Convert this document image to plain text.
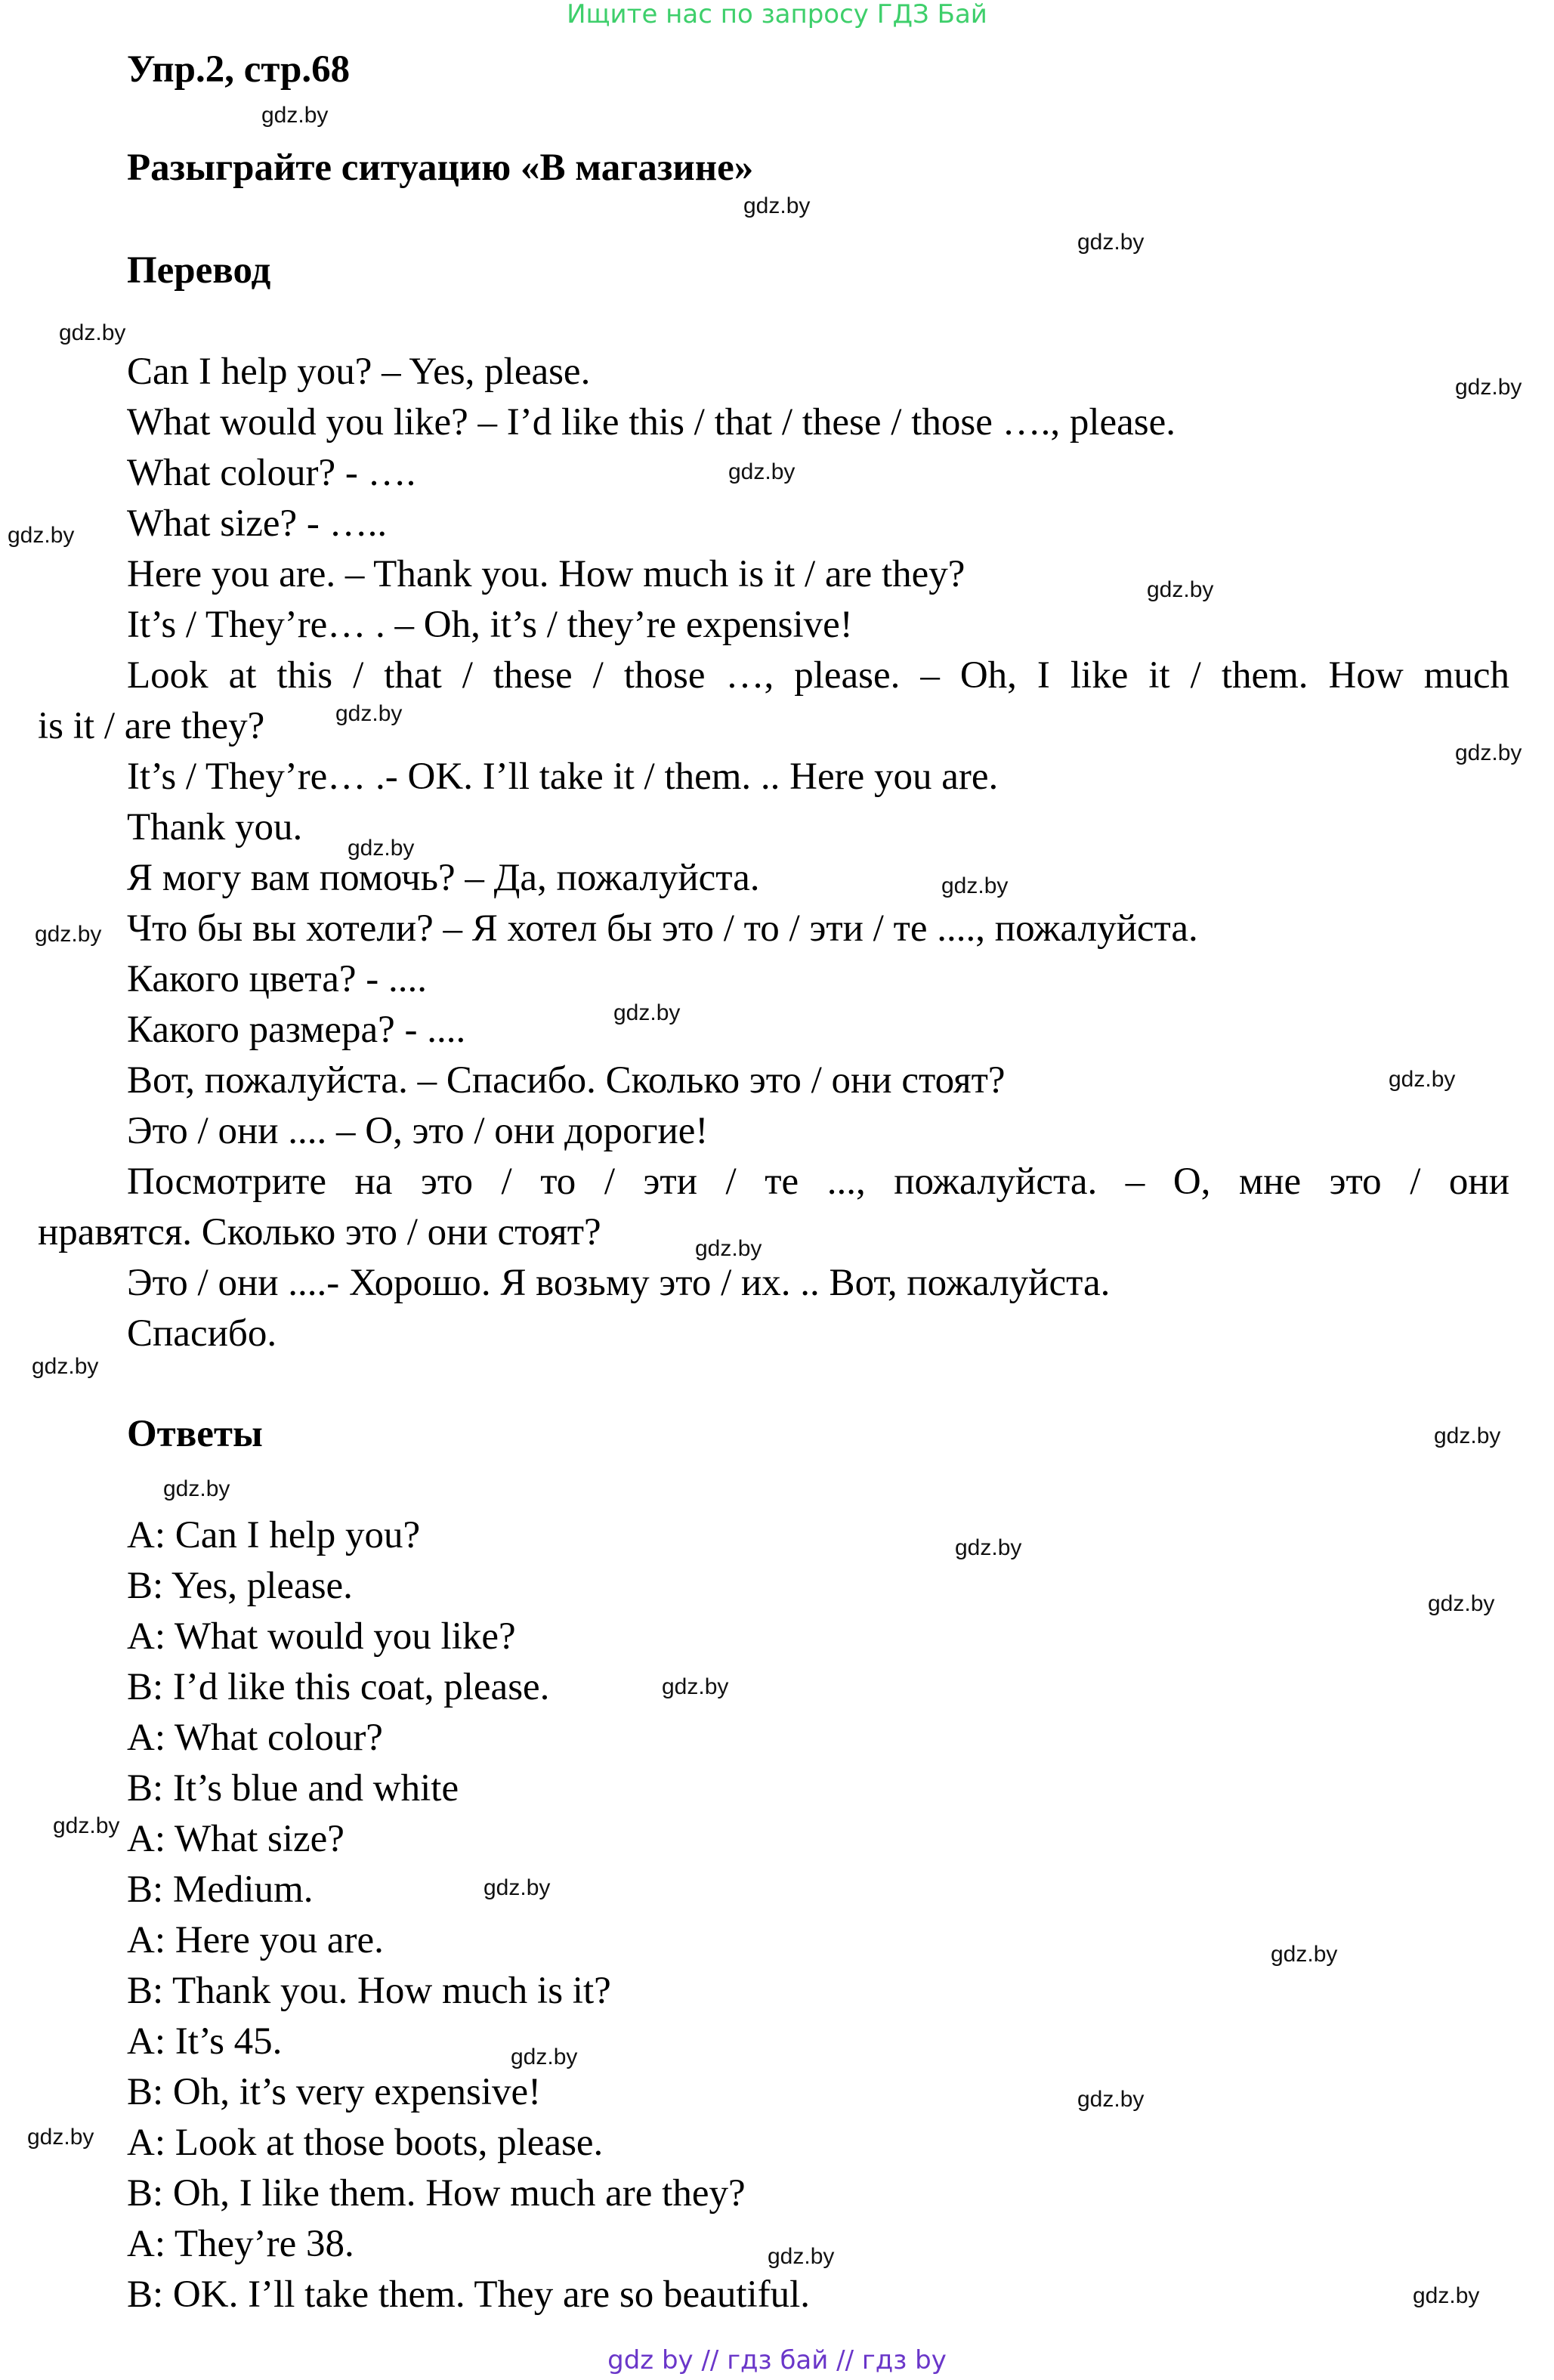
Ищите нас по запросу ГДЗ Бай
Упр.2, стр.68
Разыграйте ситуацию «В магазине»
Перевод
Can I help you? – Yes, please.
What would you like? – I’d like this / that / these / those …., please.
What colour? - ….
What size? - …..
Here you are. – Thank you. How much is it / are they?
It’s / They’re… . – Oh, it’s / they’re expensive!
Look at this / that / these / those …, please. – Oh, I like it / them. How much
is it / are they?
It’s / They’re… .- OK. I’ll take it / them. .. Here you are.
Thank you.
Я могу вам помочь? – Да, пожалуйста.
Что бы вы хотели? – Я хотел бы это / то / эти / те ...., пожалуйста.
Какого цвета? - ....
Какого размера? - ....
Вот, пожалуйста. – Спасибо. Сколько это / они стоят?
Это / они .... – О, это / они дорогие!
Посмотрите на это / то / эти / те ..., пожалуйста. – О, мне это / они
нравятся. Сколько это / они стоят?
Это / они ....- Хорошо. Я возьму это / их. .. Вот, пожалуйста.
Спасибо.
Ответы
A: Can I help you?
B: Yes, please.
A: What would you like?
B: I’d like this coat, please.
A: What colour?
B: It’s blue and white
A: What size?
B: Medium.
A: Here you are.
B: Thank you. How much is it?
A: It’s 45.
B: Oh, it’s very expensive!
A: Look at those boots, please.
B: Oh, I like them. How much are they?
A: They’re 38.
B: OK. I’ll take them. They are so beautiful.
gdz.by
gdz.by
gdz.by
gdz.by
gdz.by
gdz.by
gdz.by
gdz.by
gdz.by
gdz.by
gdz.by
gdz.by
gdz.by
gdz.by
gdz.by
gdz.by
gdz.by
gdz.by
gdz.by
gdz.by
gdz.by
gdz.by
gdz.by
gdz.by
gdz.by
gdz.by
gdz.by
gdz.by
gdz.by
gdz.by
gdz by // гдз бай // гдз by
